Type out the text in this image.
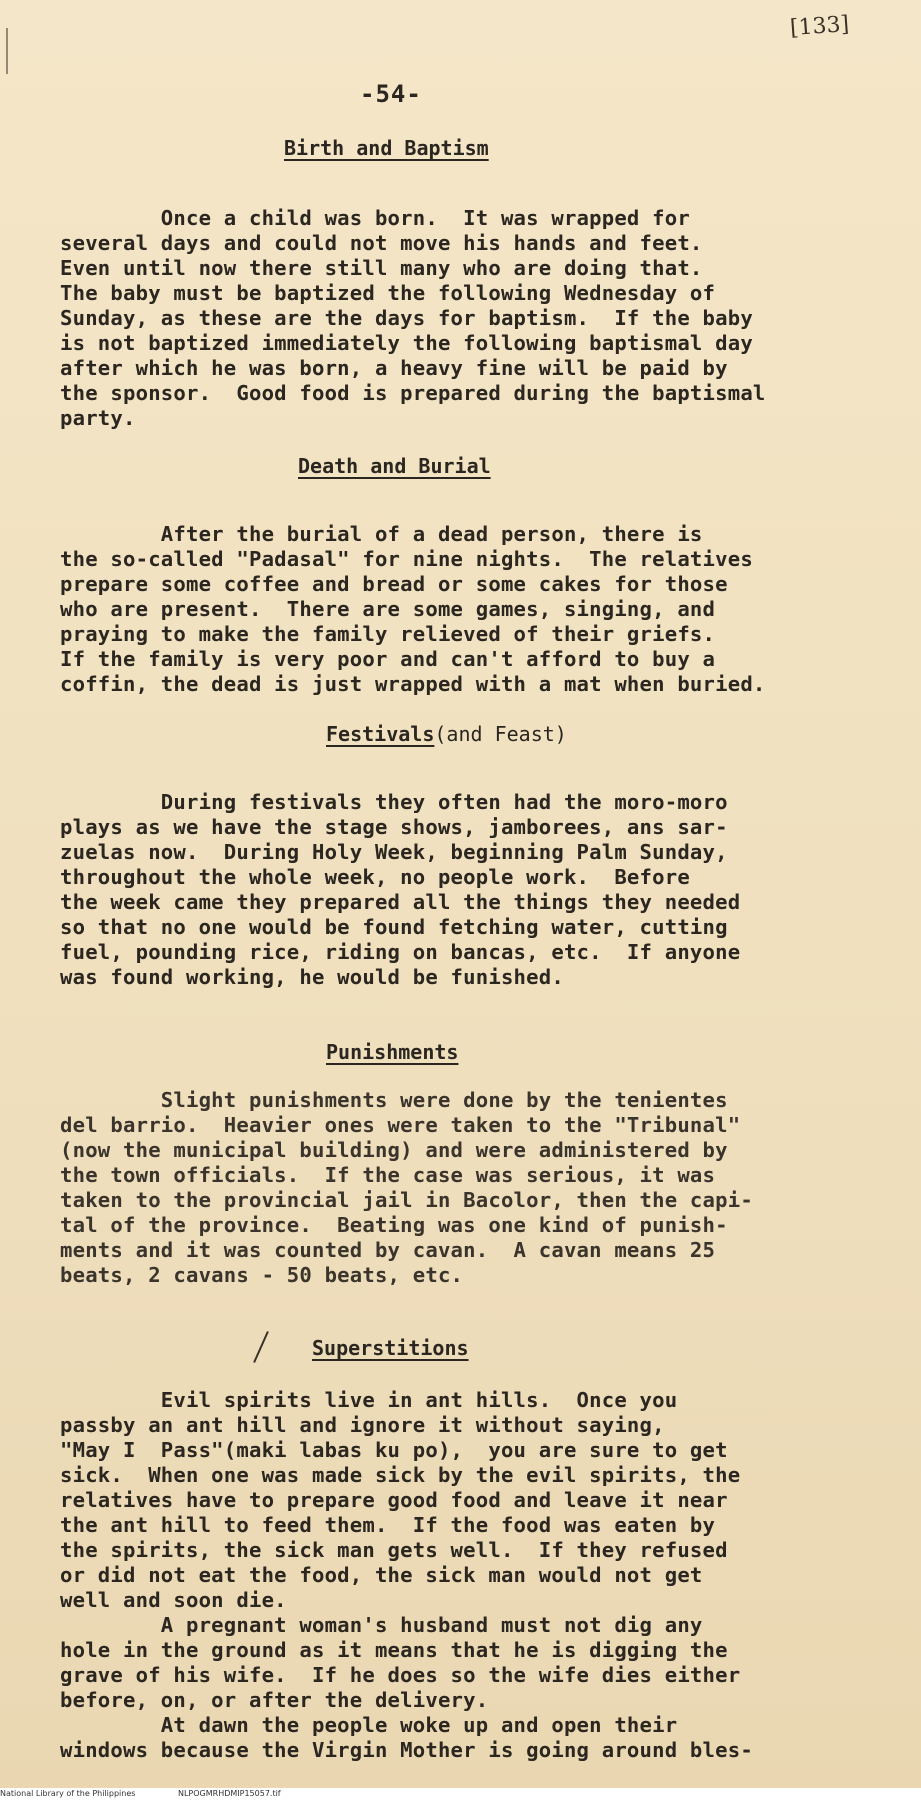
[133]
-54-
Birth and Baptism
Once a child was born.  It was wrapped for
several days and could not move his hands and feet.
Even until now there still many who are doing that.
The baby must be baptized the following Wednesday of
Sunday, as these are the days for baptism.  If the baby
is not baptized immediately the following baptismal day
after which he was born, a heavy fine will be paid by
the sponsor.  Good food is prepared during the baptismal
party.
Death and Burial
After the burial of a dead person, there is
the so-called "Padasal" for nine nights.  The relatives
prepare some coffee and bread or some cakes for those
who are present.  There are some games, singing, and
praying to make the family relieved of their griefs.
If the family is very poor and can't afford to buy a
coffin, the dead is just wrapped with a mat when buried.
Festivals(and Feast)
During festivals they often had the moro-moro
plays as we have the stage shows, jamborees, ans sar-
zuelas now.  During Holy Week, beginning Palm Sunday,
throughout the whole week, no people work.  Before
the week came they prepared all the things they needed
so that no one would be found fetching water, cutting
fuel, pounding rice, riding on bancas, etc.  If anyone
was found working, he would be funished.
Punishments
Slight punishments were done by the tenientes
del barrio.  Heavier ones were taken to the "Tribunal"
(now the municipal building) and were administered by
the town officials.  If the case was serious, it was
taken to the provincial jail in Bacolor, then the capi-
tal of the province.  Beating was one kind of punish-
ments and it was counted by cavan.  A cavan means 25
beats, 2 cavans - 50 beats, etc.
Superstitions
Evil spirits live in ant hills.  Once you
passby an ant hill and ignore it without saying,
"May I  Pass"(maki labas ku po),  you are sure to get
sick.  When one was made sick by the evil spirits, the
relatives have to prepare good food and leave it near
the ant hill to feed them.  If the food was eaten by
the spirits, the sick man gets well.  If they refused
or did not eat the food, the sick man would not get
well and soon die.
A pregnant woman's husband must not dig any
hole in the ground as it means that he is digging the
grave of his wife.  If he does so the wife dies either
before, on, or after the delivery.
At dawn the people woke up and open their
windows because the Virgin Mother is going around bles-
National Library of the Philippines	NLPOGMRHDMIP15057.tif
